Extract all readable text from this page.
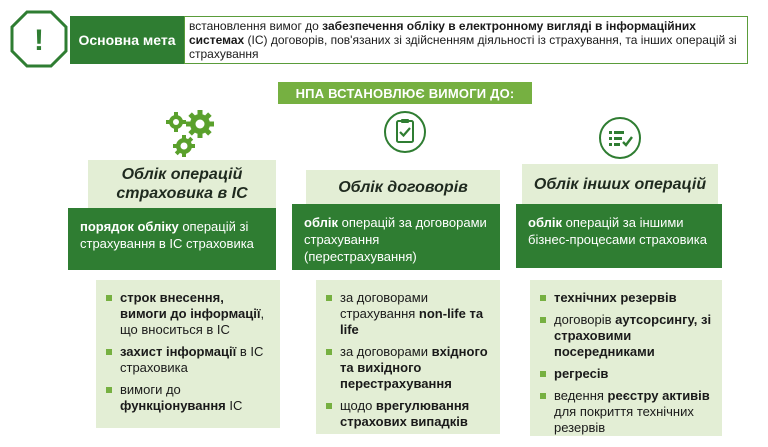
!	Основна мета
встановлення вимог до забезпечення обліку в електронному вигляді в інформаційних системах (ІС) договорів, пов'язаних зі здійсненням діяльності із страхування, та інших операцій зі страхування
НПА ВСТАНОВЛЮЄ ВИМОГИ ДО:
Облік операцій страховика в ІС
порядок обліку операцій зі страхування в ІС страховика
строк внесення, вимоги до інформації, що вноситься в ІС
захист інформації в ІС страховика
вимоги до функціонування ІС
Облік договорів
облік операцій за договорами страхування (перестрахування)
за договорами страхування non-life та life
за договорами вхідного та вихідного перестрахування
щодо врегулювання страхових випадків
Облік інших операцій
облік операцій за іншими бізнес-процесами страховика
технічних резервів
договорів аутсорсингу, зі страховими посередниками
регресів
ведення реєстру активів для покриття технічних резервів
